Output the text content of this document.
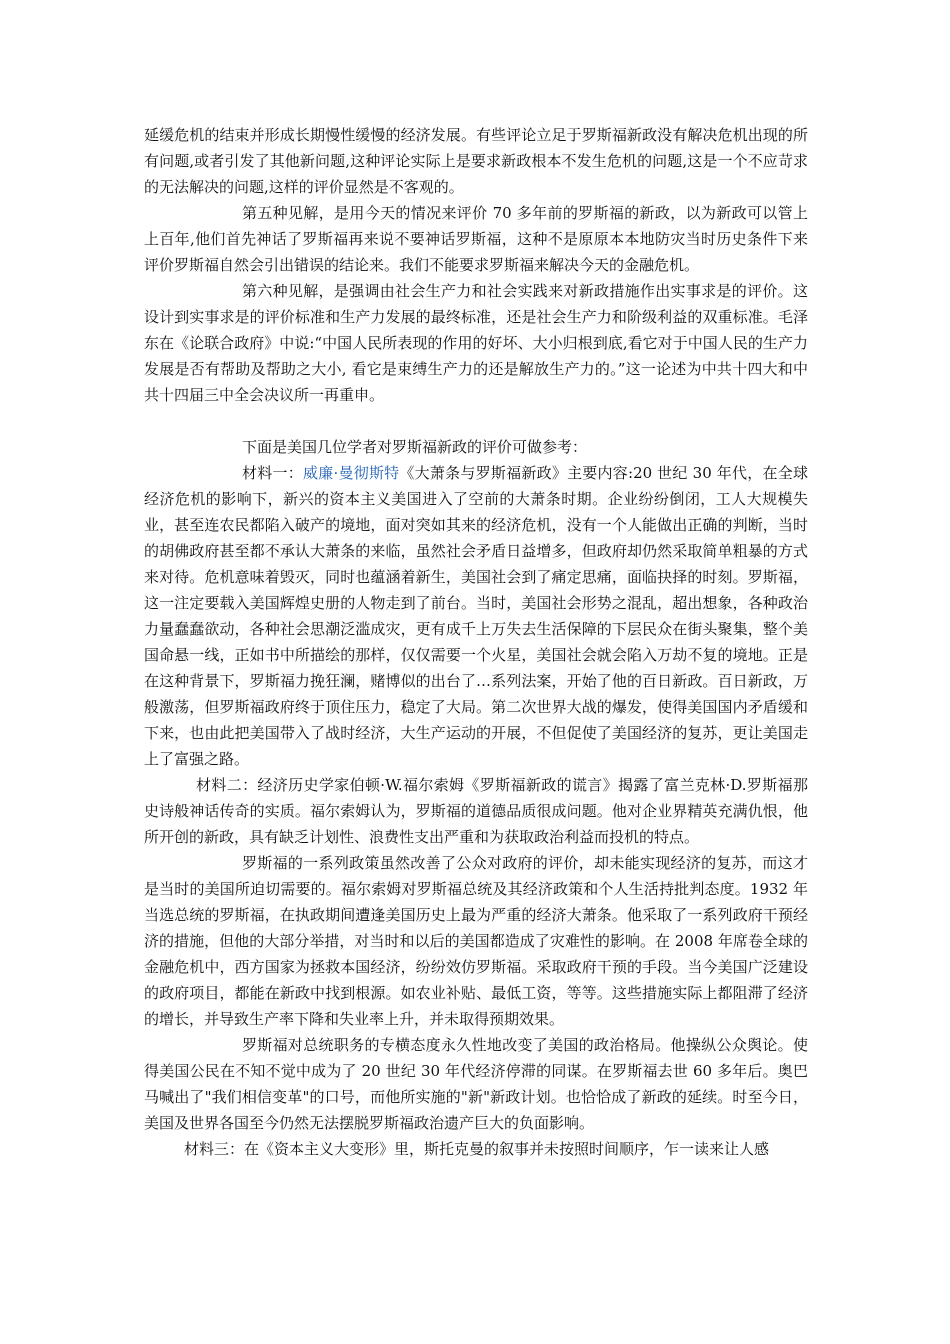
延缓危机的结束并形成长期慢性缓慢的经济发展。有些评论立足于罗斯福新政没有解决危机出现的所有问题,或者引发了其他新问题,这种评论实际上是要求新政根本不发生危机的问题,这是一个不应苛求的无法解决的问题,这样的评价显然是不客观的。

第五种见解，是用今天的情况来评价 70 多年前的罗斯福的新政，以为新政可以管上上百年,他们首先神话了罗斯福再来说不要神话罗斯福，这种不是原原本本地防灾当时历史条件下来评价罗斯福自然会引出错误的结论来。我们不能要求罗斯福来解决今天的金融危机。

第六种见解，是强调由社会生产力和社会实践来对新政措施作出实事求是的评价。这设计到实事求是的评价标准和生产力发展的最终标准，还是社会生产力和阶级利益的双重标准。毛泽东在《论联合政府》中说:“中国人民所表现的作用的好坏、大小归根到底,看它对于中国人民的生产力发展是否有帮助及帮助之大小, 看它是束缚生产力的还是解放生产力的。”这一论述为中共十四大和中共十四届三中全会决议所一再重申。

下面是美国几位学者对罗斯福新政的评价可做参考：

材料一：威廉·曼彻斯特《大萧条与罗斯福新政》主要内容:20 世纪 30 年代，在全球经济危机的影响下，新兴的资本主义美国进入了空前的大萧条时期。企业纷纷倒闭，工人大规模失业，甚至连农民都陷入破产的境地，面对突如其来的经济危机，没有一个人能做出正确的判断，当时的胡佛政府甚至都不承认大萧条的来临，虽然社会矛盾日益增多，但政府却仍然采取简单粗暴的方式来对待。危机意味着毁灭，同时也蕴涵着新生，美国社会到了痛定思痛，面临抉择的时刻。罗斯福，这一注定要载入美国辉煌史册的人物走到了前台。当时，美国社会形势之混乱，超出想象，各种政治力量蠢蠢欲动，各种社会思潮泛滥成灾，更有成千上万失去生活保障的下层民众在街头聚集，整个美国命悬一线，正如书中所描绘的那样，仅仅需要一个火星，美国社会就会陷入万劫不复的境地。正是在这种背景下，罗斯福力挽狂澜，赌博似的出台了…系列法案，开始了他的百日新政。百日新政，万般激荡，但罗斯福政府终于顶住压力，稳定了大局。第二次世界大战的爆发，使得美国国内矛盾缓和下来，也由此把美国带入了战时经济，大生产运动的开展，不但促使了美国经济的复苏，更让美国走上了富强之路。

材料二：经济历史学家伯顿·W.福尔索姆《罗斯福新政的谎言》揭露了富兰克林·D.罗斯福那史诗般神话传奇的实质。福尔索姆认为，罗斯福的道德品质很成问题。他对企业界精英充满仇恨，他所开创的新政，具有缺乏计划性、浪费性支出严重和为获取政治利益而投机的特点。

罗斯福的一系列政策虽然改善了公众对政府的评价，却未能实现经济的复苏，而这才是当时的美国所迫切需要的。福尔索姆对罗斯福总统及其经济政策和个人生活持批判态度。1932 年当选总统的罗斯福，在执政期间遭逢美国历史上最为严重的经济大萧条。他采取了一系列政府干预经济的措施，但他的大部分举措，对当时和以后的美国都造成了灾难性的影响。在 2008 年席卷全球的金融危机中，西方国家为拯救本国经济，纷纷效仿罗斯福。采取政府干预的手段。当今美国广泛建设的政府项目，都能在新政中找到根源。如农业补贴、最低工资，等等。这些措施实际上都阻滞了经济的增长，并导致生产率下降和失业率上升，并未取得预期效果。

罗斯福对总统职务的专横态度永久性地改变了美国的政治格局。他操纵公众舆论。使得美国公民在不知不觉中成为了 20 世纪 30 年代经济停滞的同谋。在罗斯福去世 60 多年后。奥巴马喊出了"我们相信变革"的口号，而他所实施的"新"新政计划。也恰恰成了新政的延续。时至今日，美国及世界各国至今仍然无法摆脱罗斯福政治遗产巨大的负面影响。

材料三：在《资本主义大变形》里，斯托克曼的叙事并未按照时间顺序，乍一读来让人感
